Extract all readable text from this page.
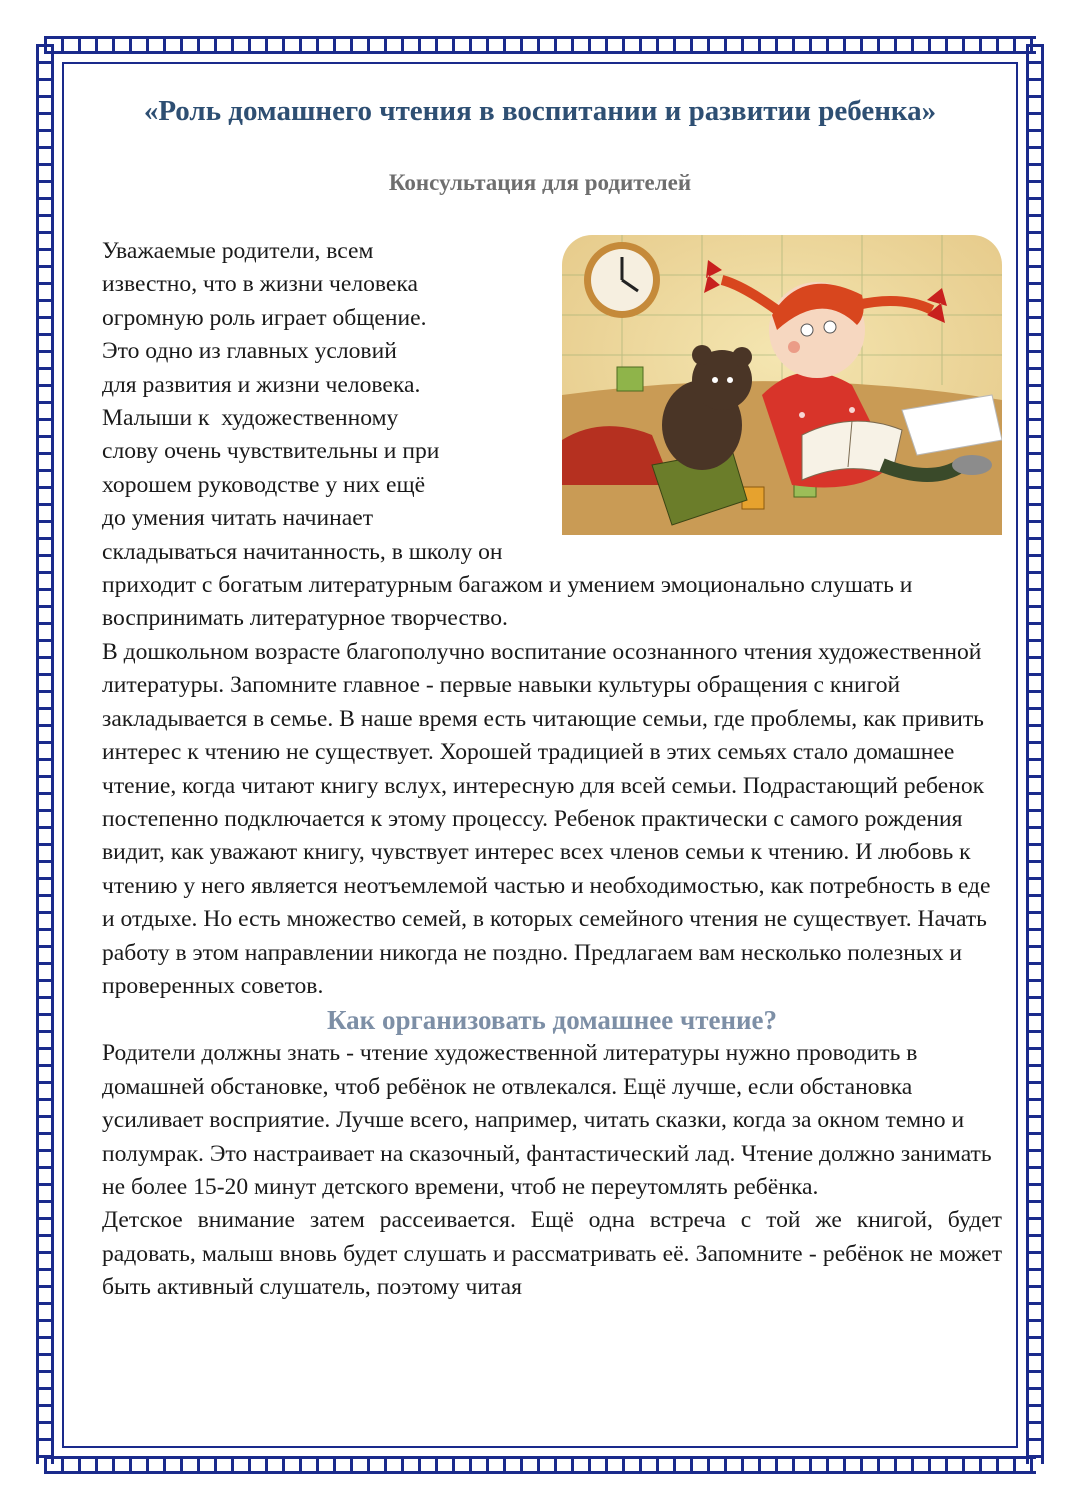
«Роль домашнего чтения в воспитании и развитии ребенка»
Консультация для родителей

Уважаемые родители, всем

известно, что в жизни человека

огромную роль играет общение.

Это одно из главных условий

для развития и жизни человека.

Малыши к  художественному

слову очень чувствительны и при

хорошем руководстве у них ещё

до умения читать начинает

складываться начитанность, в школу он приходит с богатым литературным багажом и умением эмоционально слушать и воспринимать литературное творчество.

В дошкольном возрасте благополучно воспитание осознанного чтения художественной литературы. Запомните главное - первые навыки культуры обращения с книгой закладывается в семье. В наше время есть читающие семьи, где проблемы, как привить интерес к чтению не существует. Хорошей традицией в этих семьях стало домашнее чтение, когда читают книгу вслух, интересную для всей семьи. Подрастающий ребенок постепенно подключается к этому процессу. Ребенок практически с самого рождения видит, как уважают книгу, чувствует интерес всех членов семьи к чтению. И любовь к чтению у него является неотъемлемой частью и необходимостью, как потребность в еде и отдыхе. Но есть множество семей, в которых семейного чтения не существует. Начать работу в этом направлении никогда не поздно. Предлагаем вам несколько полезных и проверенных советов.

Как организовать домашнее чтение?

Родители должны знать - чтение художественной литературы нужно проводить в домашней обстановке, чтоб ребёнок не отвлекался. Ещё лучше, если обстановка усиливает восприятие. Лучше всего, например, читать сказки, когда за окном темно и полумрак. Это настраивает на сказочный, фантастический лад. Чтение должно занимать не более 15-20 минут детского времени, чтоб не переутомлять ребёнка.

Детское внимание затем рассеивается. Ещё одна встреча с той же книгой, будет радовать, малыш вновь будет слушать и рассматривать её. Запомните - ребёнок не может быть активный слушатель, поэтому читая
